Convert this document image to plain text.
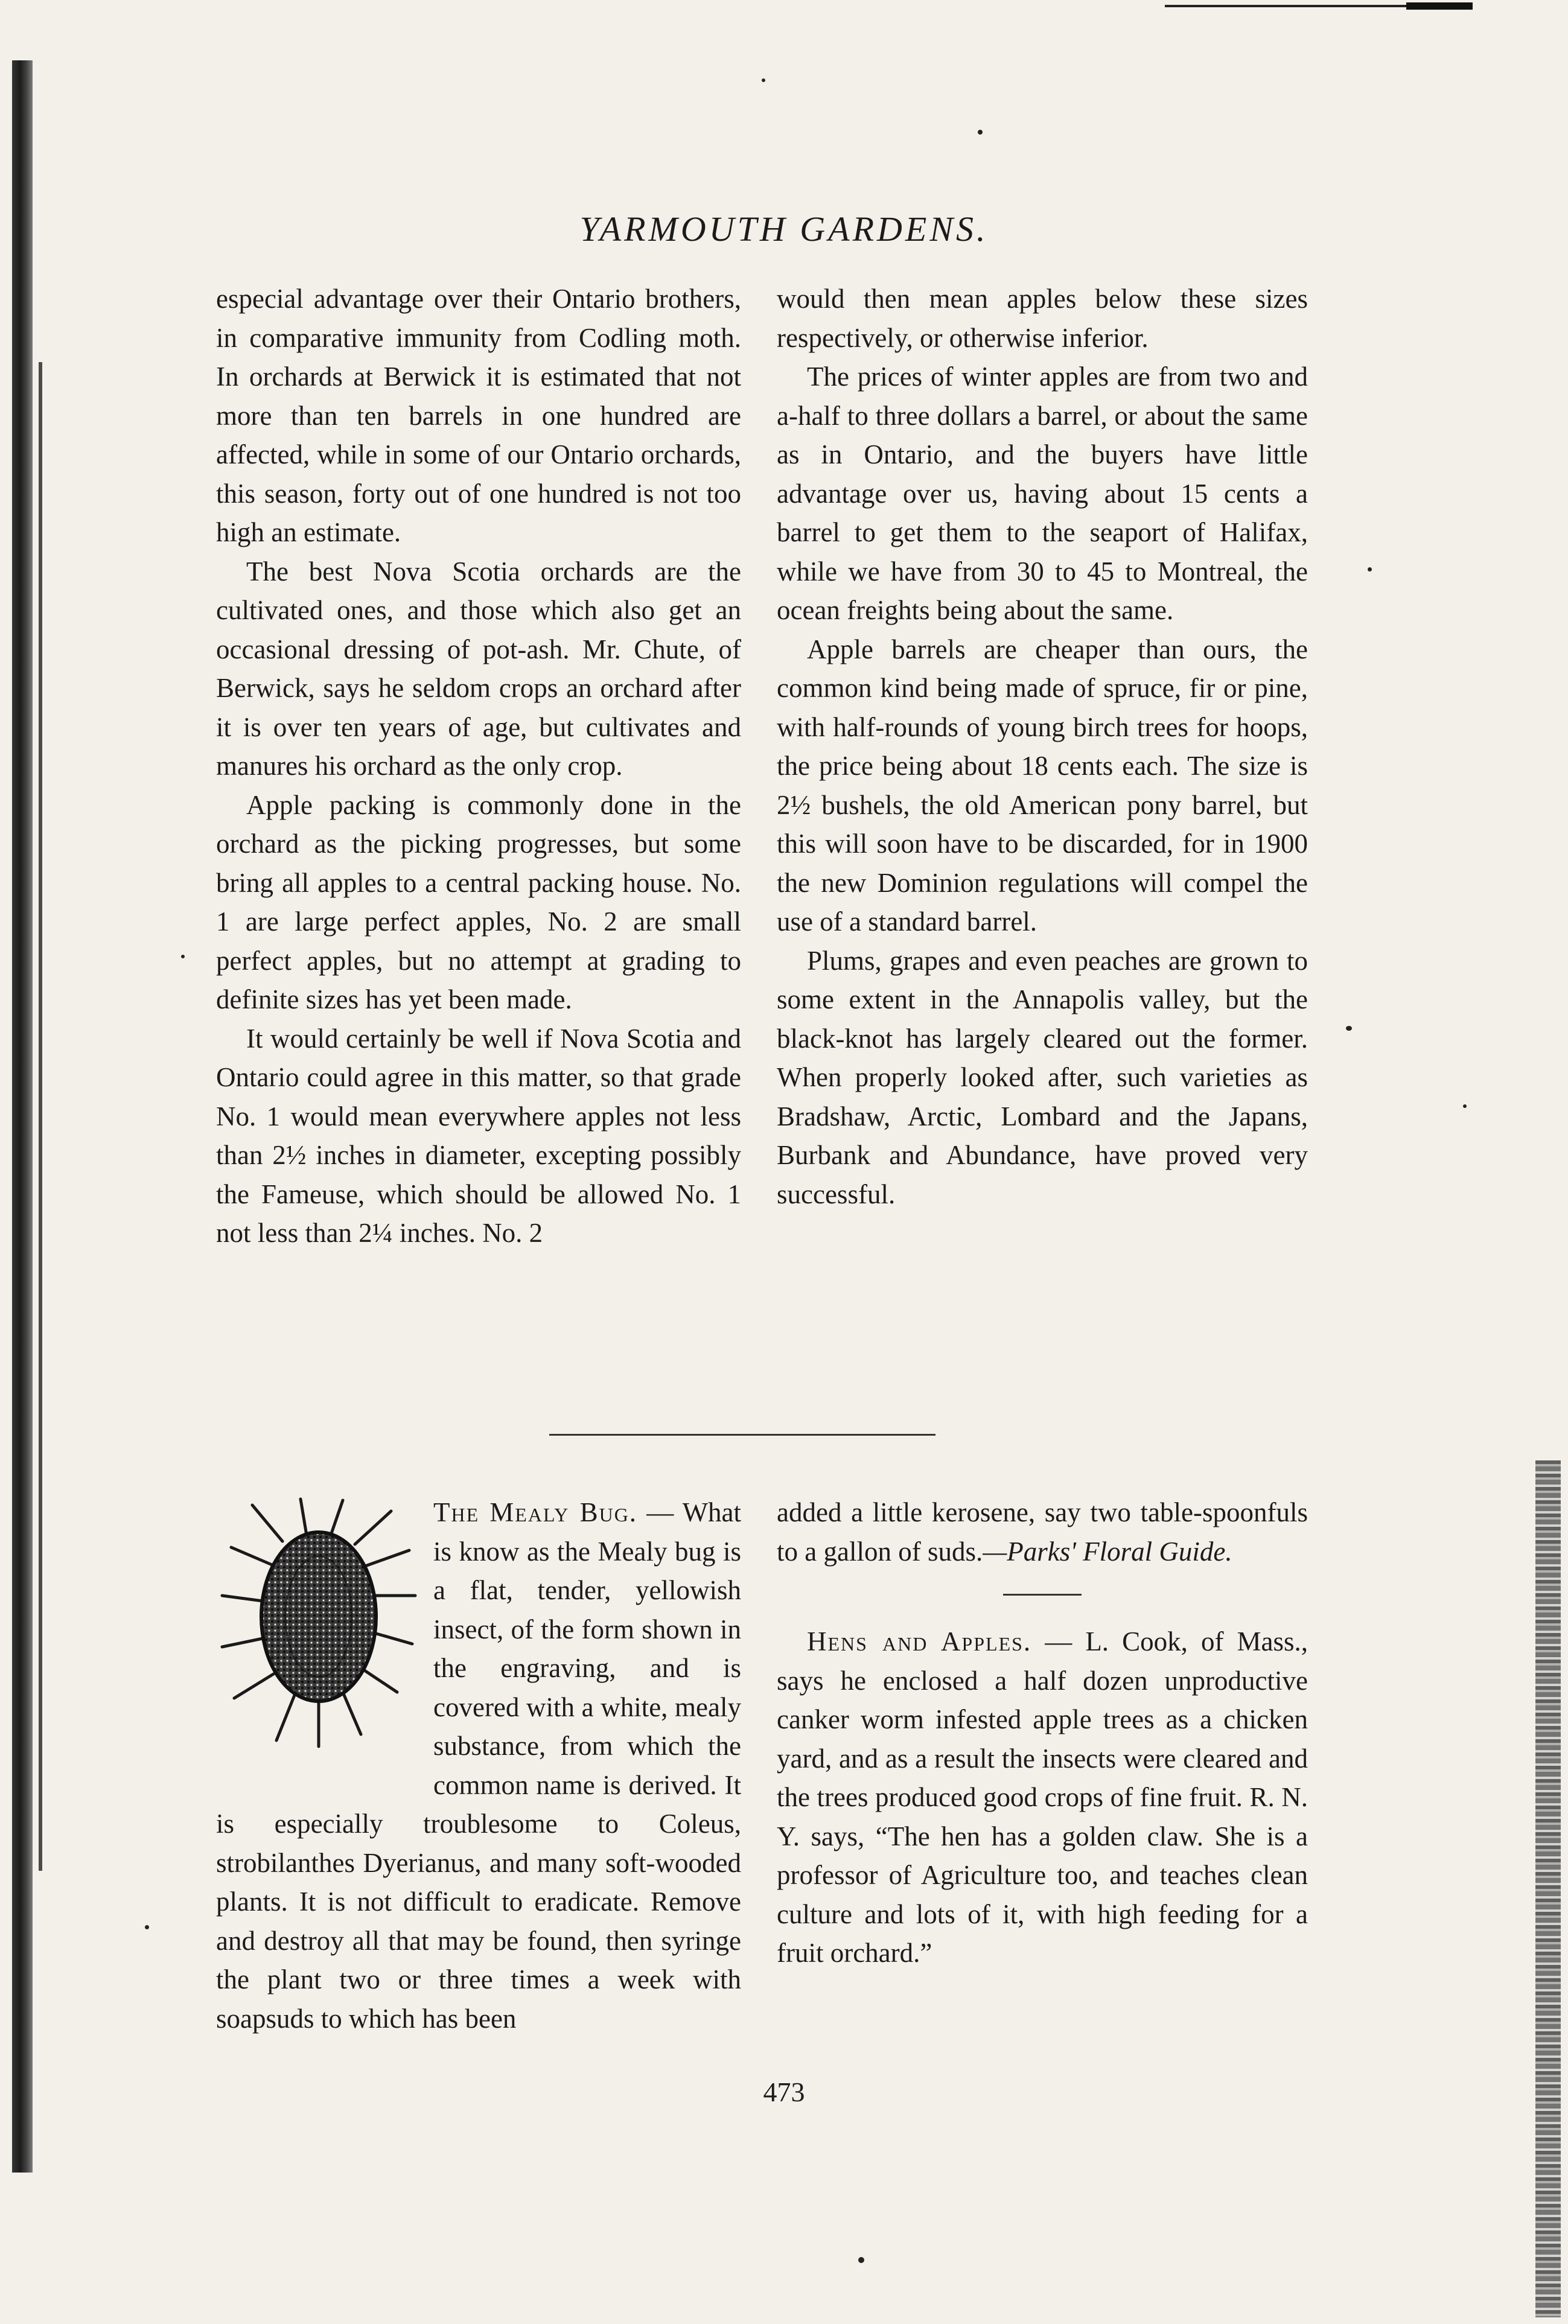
YARMOUTH GARDENS.

especial advantage over their Ontario brothers, in comparative immunity from Codling moth. In orchards at Berwick it is estimated that not more than ten barrels in one hundred are affected, while in some of our Ontario orchards, this season, forty out of one hundred is not too high an estimate.

The best Nova Scotia orchards are the cultivated ones, and those which also get an occasional dressing of pot-ash. Mr. Chute, of Berwick, says he seldom crops an orchard after it is over ten years of age, but cultivates and manures his orchard as the only crop.

Apple packing is commonly done in the orchard as the picking progresses, but some bring all apples to a central packing house. No. 1 are large perfect apples, No. 2 are small perfect apples, but no attempt at grading to definite sizes has yet been made.

It would certainly be well if Nova Scotia and Ontario could agree in this matter, so that grade No. 1 would mean everywhere apples not less than 2½ inches in diameter, excepting possibly the Fameuse, which should be allowed No. 1 not less than 2¼ inches. No. 2

would then mean apples below these sizes respectively, or otherwise inferior.

The prices of winter apples are from two and a-half to three dollars a barrel, or about the same as in Ontario, and the buyers have little advantage over us, having about 15 cents a barrel to get them to the seaport of Halifax, while we have from 30 to 45 to Montreal, the ocean freights being about the same.

Apple barrels are cheaper than ours, the common kind being made of spruce, fir or pine, with half-rounds of young birch trees for hoops, the price being about 18 cents each. The size is 2½ bushels, the old American pony barrel, but this will soon have to be discarded, for in 1900 the new Dominion regulations will compel the use of a standard barrel.

Plums, grapes and even peaches are grown to some extent in the Annapolis valley, but the black-knot has largely cleared out the former. When properly looked after, such varieties as Bradshaw, Arctic, Lombard and the Japans, Burbank and Abundance, have proved very successful.

The Mealy Bug. — What is know as the Mealy bug is a flat, tender, yellowish insect, of the form shown in the engraving, and is covered with a white, mealy substance, from which the common name is derived. It is especially troublesome to Coleus, strobilanthes Dyerianus, and many soft-wooded plants. It is not difficult to eradicate. Remove and destroy all that may be found, then syringe the plant two or three times a week with soapsuds to which has been

added a little kerosene, say two table-spoonfuls to a gallon of suds.—Parks' Floral Guide.

Hens and Apples. — L. Cook, of Mass., says he enclosed a half dozen unproductive canker worm infested apple trees as a chicken yard, and as a result the insects were cleared and the trees produced good crops of fine fruit. R. N. Y. says, “The hen has a golden claw. She is a professor of Agriculture too, and teaches clean culture and lots of it, with high feeding for a fruit orchard.”

473
